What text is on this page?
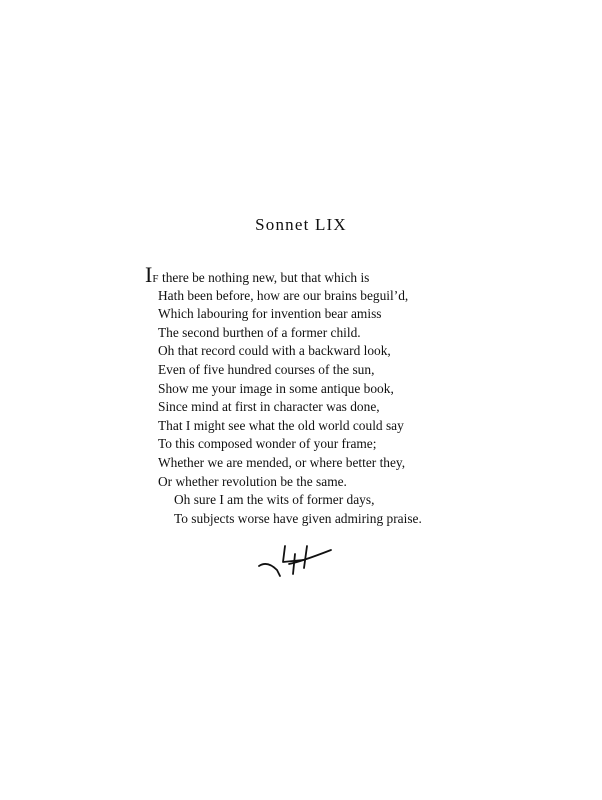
Sonnet LIX
IF there be nothing new, but that which is
Hath been before, how are our brains beguil’d,
Which labouring for invention bear amiss
The second burthen of a former child.
Oh that record could with a backward look,
Even of five hundred courses of the sun,
Show me your image in some antique book,
Since mind at first in character was done,
That I might see what the old world could say
To this composed wonder of your frame;
Whether we are mended, or where better they,
Or whether revolution be the same.
Oh sure I am the wits of former days,
To subjects worse have given admiring praise.
